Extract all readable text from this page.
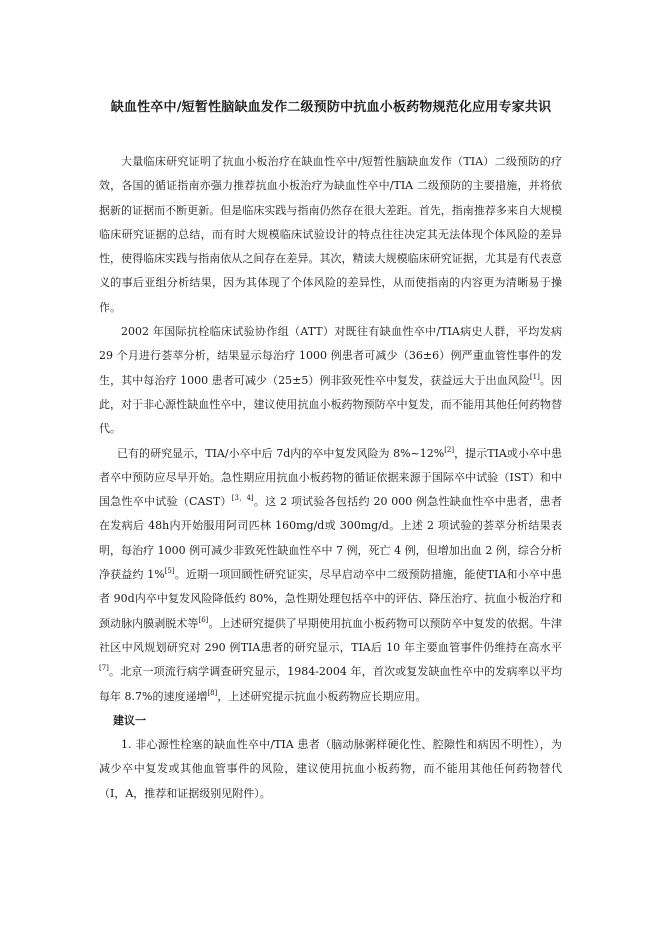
缺血性卒中/短暂性脑缺血发作二级预防中抗血小板药物规范化应用专家共识

大量临床研究证明了抗血小板治疗在缺血性卒中/短暂性脑缺血发作（TIA）二级预防的疗效，各国的循证指南亦强力推荐抗血小板治疗为缺血性卒中/TIA 二级预防的主要措施，并将依据新的证据而不断更新。但是临床实践与指南仍然存在很大差距。首先，指南推荐多来自大规模临床研究证据的总结，而有时大规模临床试验设计的特点往往决定其无法体现个体风险的差异性，使得临床实践与指南依从之间存在差异。其次，精读大规模临床研究证据，尤其是有代表意义的事后亚组分析结果，因为其体现了个体风险的差异性，从而使指南的内容更为清晰易于操作。

2002 年国际抗栓临床试验协作组（ATT）对既往有缺血性卒中/TIA病史人群，平均发病 29 个月进行荟萃分析，结果显示每治疗 1000 例患者可减少（36±6）例严重血管性事件的发生，其中每治疗 1000 患者可减少（25±5）例非致死性卒中复发，获益远大于出血风险[1]。因此，对于非心源性缺血性卒中，建议使用抗血小板药物预防卒中复发，而不能用其他任何药物替代。

已有的研究显示，TIA/小卒中后 7d内的卒中复发风险为 8%~12%[2]，提示TIA或小卒中患者卒中预防应尽早开始。急性期应用抗血小板药物的循证依据来源于国际卒中试验（IST）和中国急性卒中试验（CAST）[3，4]。这 2 项试验各包括约 20 000 例急性缺血性卒中患者，患者在发病后 48h内开始服用阿司匹林 160mg/d或 300mg/d。上述 2 项试验的荟萃分析结果表明，每治疗 1000 例可减少非致死性缺血性卒中 7 例，死亡 4 例，但增加出血 2 例，综合分析净获益约 1%[5]。近期一项回顾性研究证实，尽早启动卒中二级预防措施，能使TIA和小卒中患者 90d内卒中复发风险降低约 80%，急性期处理包括卒中的评估、降压治疗、抗血小板治疗和颈动脉内膜剥脱术等[6]。上述研究提供了早期使用抗血小板药物可以预防卒中复发的依据。牛津社区中风规划研究对 290 例TIA患者的研究显示，TIA后 10 年主要血管事件仍维持在高水平[7]。北京一项流行病学调查研究显示，1984-2004 年，首次或复发缺血性卒中的发病率以平均每年 8.7%的速度递增[8]，上述研究提示抗血小板药物应长期应用。

建议一

1. 非心源性栓塞的缺血性卒中/TIA 患者（脑动脉粥样硬化性、腔隙性和病因不明性），为减少卒中复发或其他血管事件的风险，建议使用抗血小板药物，而不能用其他任何药物替代（Ⅰ，A，推荐和证据级别见附件）。
